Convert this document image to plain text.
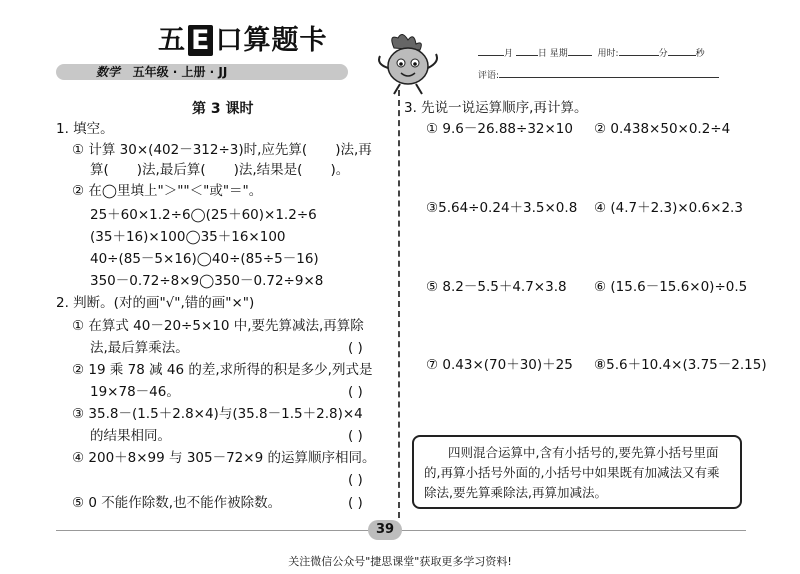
五 E 口算题卡
数学 五年级 · 上册 · JJ
月	日 星期	用时:	分	秒
评语:
第 3 课时
1. 填空。
① 计算 30×(402－312÷3)时,应先算( )法,再
算( )法,最后算( )法,结果是( )。
② 在◯里填上"＞""＜"或"＝"。
25＋60×1.2÷6◯(25＋60)×1.2÷6
(35＋16)×100◯35＋16×100
40÷(85－5×16)◯40÷(85÷5－16)
350－0.72÷8×9◯350－0.72÷9×8
2. 判断。(对的画"√",错的画"×")
① 在算式 40－20÷5×10 中,要先算减法,再算除
法,最后算乘法。	( )
② 19 乘 78 减 46 的差,求所得的积是多少,列式是
19×78－46。	( )
③ 35.8－(1.5＋2.8×4)与(35.8－1.5＋2.8)×4
的结果相同。	( )
④ 200＋8×99 与 305－72×9 的运算顺序相同。
( )
⑤ 0 不能作除数,也不能作被除数。	( )
3. 先说一说运算顺序,再计算。
① 9.6－26.88÷32×10 ② 0.438×50×0.2÷4
③5.64÷0.24＋3.5×0.8 ④ (4.7＋2.3)×0.6×2.3
⑤ 8.2－5.5＋4.7×3.8 ⑥ (15.6－15.6×0)÷0.5
⑦ 0.43×(70＋30)＋25 ⑧5.6＋10.4×(3.75－2.15)
四则混合运算中,含有小括号的,要先算小括号里面的,再算小括号外面的,小括号中如果既有加减法又有乘除法,要先算乘除法,再算加减法。
39
关注微信公众号"捷思课堂"获取更多学习资料!
